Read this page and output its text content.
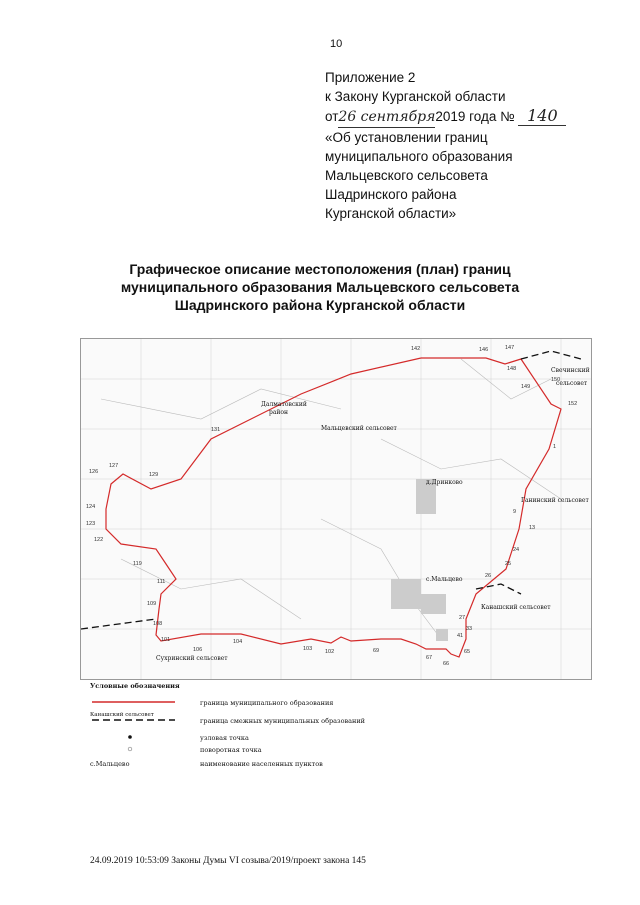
10
Приложение 2
к Закону Курганской области
от26 сентября2019 года № 140
«Об установлении границ
муниципального образования
Мальцевского сельсовета
Шадринского района
Курганской области»
Графическое описание местоположения (план) границ
муниципального образования Мальцевского сельсовета
Шадринского района Курганской области
Далматовский
район
Мальцевский сельсовет
д.Дринково
Ганинский сельсовет
с.Мальцево
Канашский сельсовет
Сухринский сельсовет
Свечинский
сельсовет
142	146	147
148
150
149
152
131
1
126
127
129
124
123
122
9
13
119
24
25
26
111
109
108
27
33
41
101
106
104
103 102	69
67
66
65
Условные обозначения
граница муниципального образования
Канашский сельсовет
граница смежных муниципальных образований
узловая точка
поворотная точка
с.Мальцево	наименование населенных пунктов
24.09.2019 10:53:09 Законы Думы VI созыва/2019/проект закона 145
